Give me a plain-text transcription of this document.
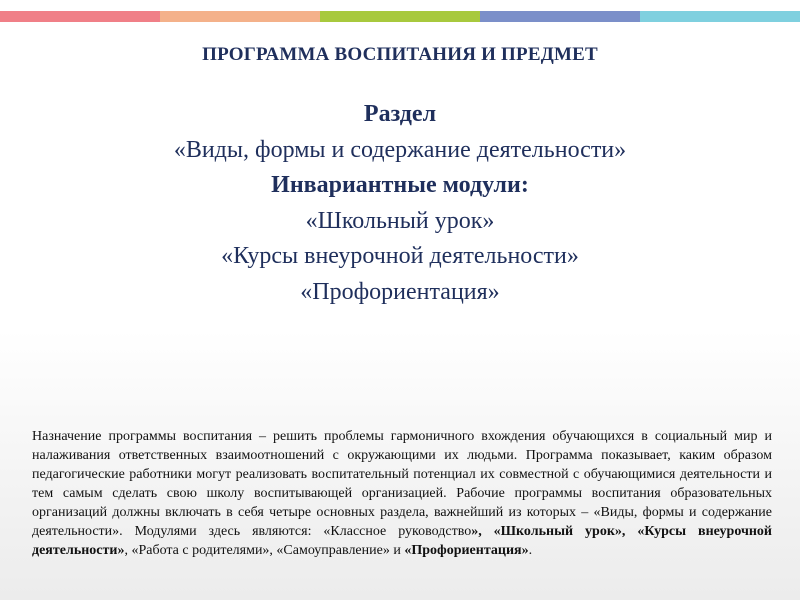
ПРОГРАММА ВОСПИТАНИЯ И ПРЕДМЕТ
Раздел
«Виды, формы и содержание деятельности»
Инвариантные модули:
«Школьный урок»
«Курсы внеурочной деятельности»
«Профориентация»
Назначение программы воспитания – решить проблемы гармоничного вхождения обучающихся в социальный мир и налаживания ответственных взаимоотношений с окружающими их людьми. Программа показывает, каким образом педагогические работники могут реализовать воспитательный потенциал их совместной с обучающимися деятельности и тем самым сделать свою школу воспитывающей организацией. Рабочие программы воспитания образовательных организаций должны включать в себя четыре основных раздела, важнейший из которых – «Виды, формы и содержание деятельности». Модулями здесь являются: «Классное руководство», «Школьный урок», «Курсы внеурочной деятельности», «Работа с родителями», «Самоуправление» и «Профориентация».
